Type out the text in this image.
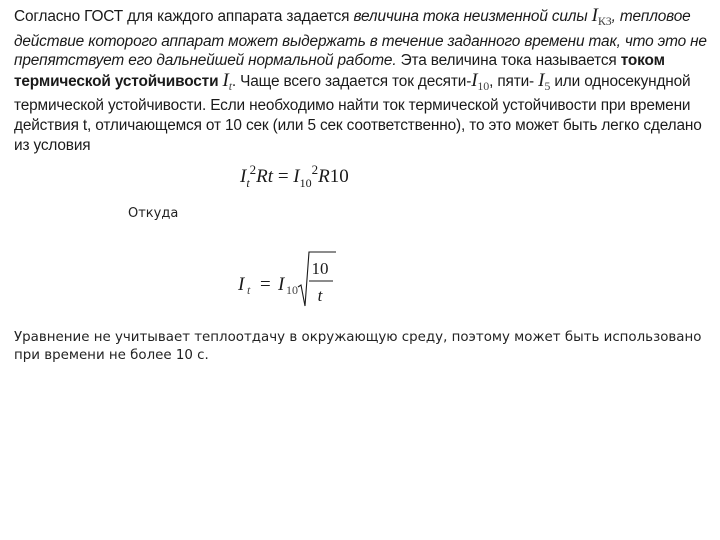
Согласно ГОСТ для каждого аппарата задается величина тока неизменной силы $I_{КЗ}$, тепловое действие которого аппарат может выдержать в течение заданного времени так, что это не препятствует его дальнейшей нормальной работе. Эта величина тока называется током термической устойчивости $I_t$. Чаще всего задается ток десяти-$I_{10}$, пяти- $I_5$ или односекундной термической устойчивости. Если необходимо найти ток термической устойчивости при времени действия t, отличающемся от 10 сек (или 5 сек соответственно), то это может быть легко сделано из условия
$I_t^2Rt = I_{10}^2R10$
Откуда
I t = I 10
10
t
Уравнение не учитывает теплоотдачу в окружающую среду, поэтому может быть использовано при времени не более 10 с.
